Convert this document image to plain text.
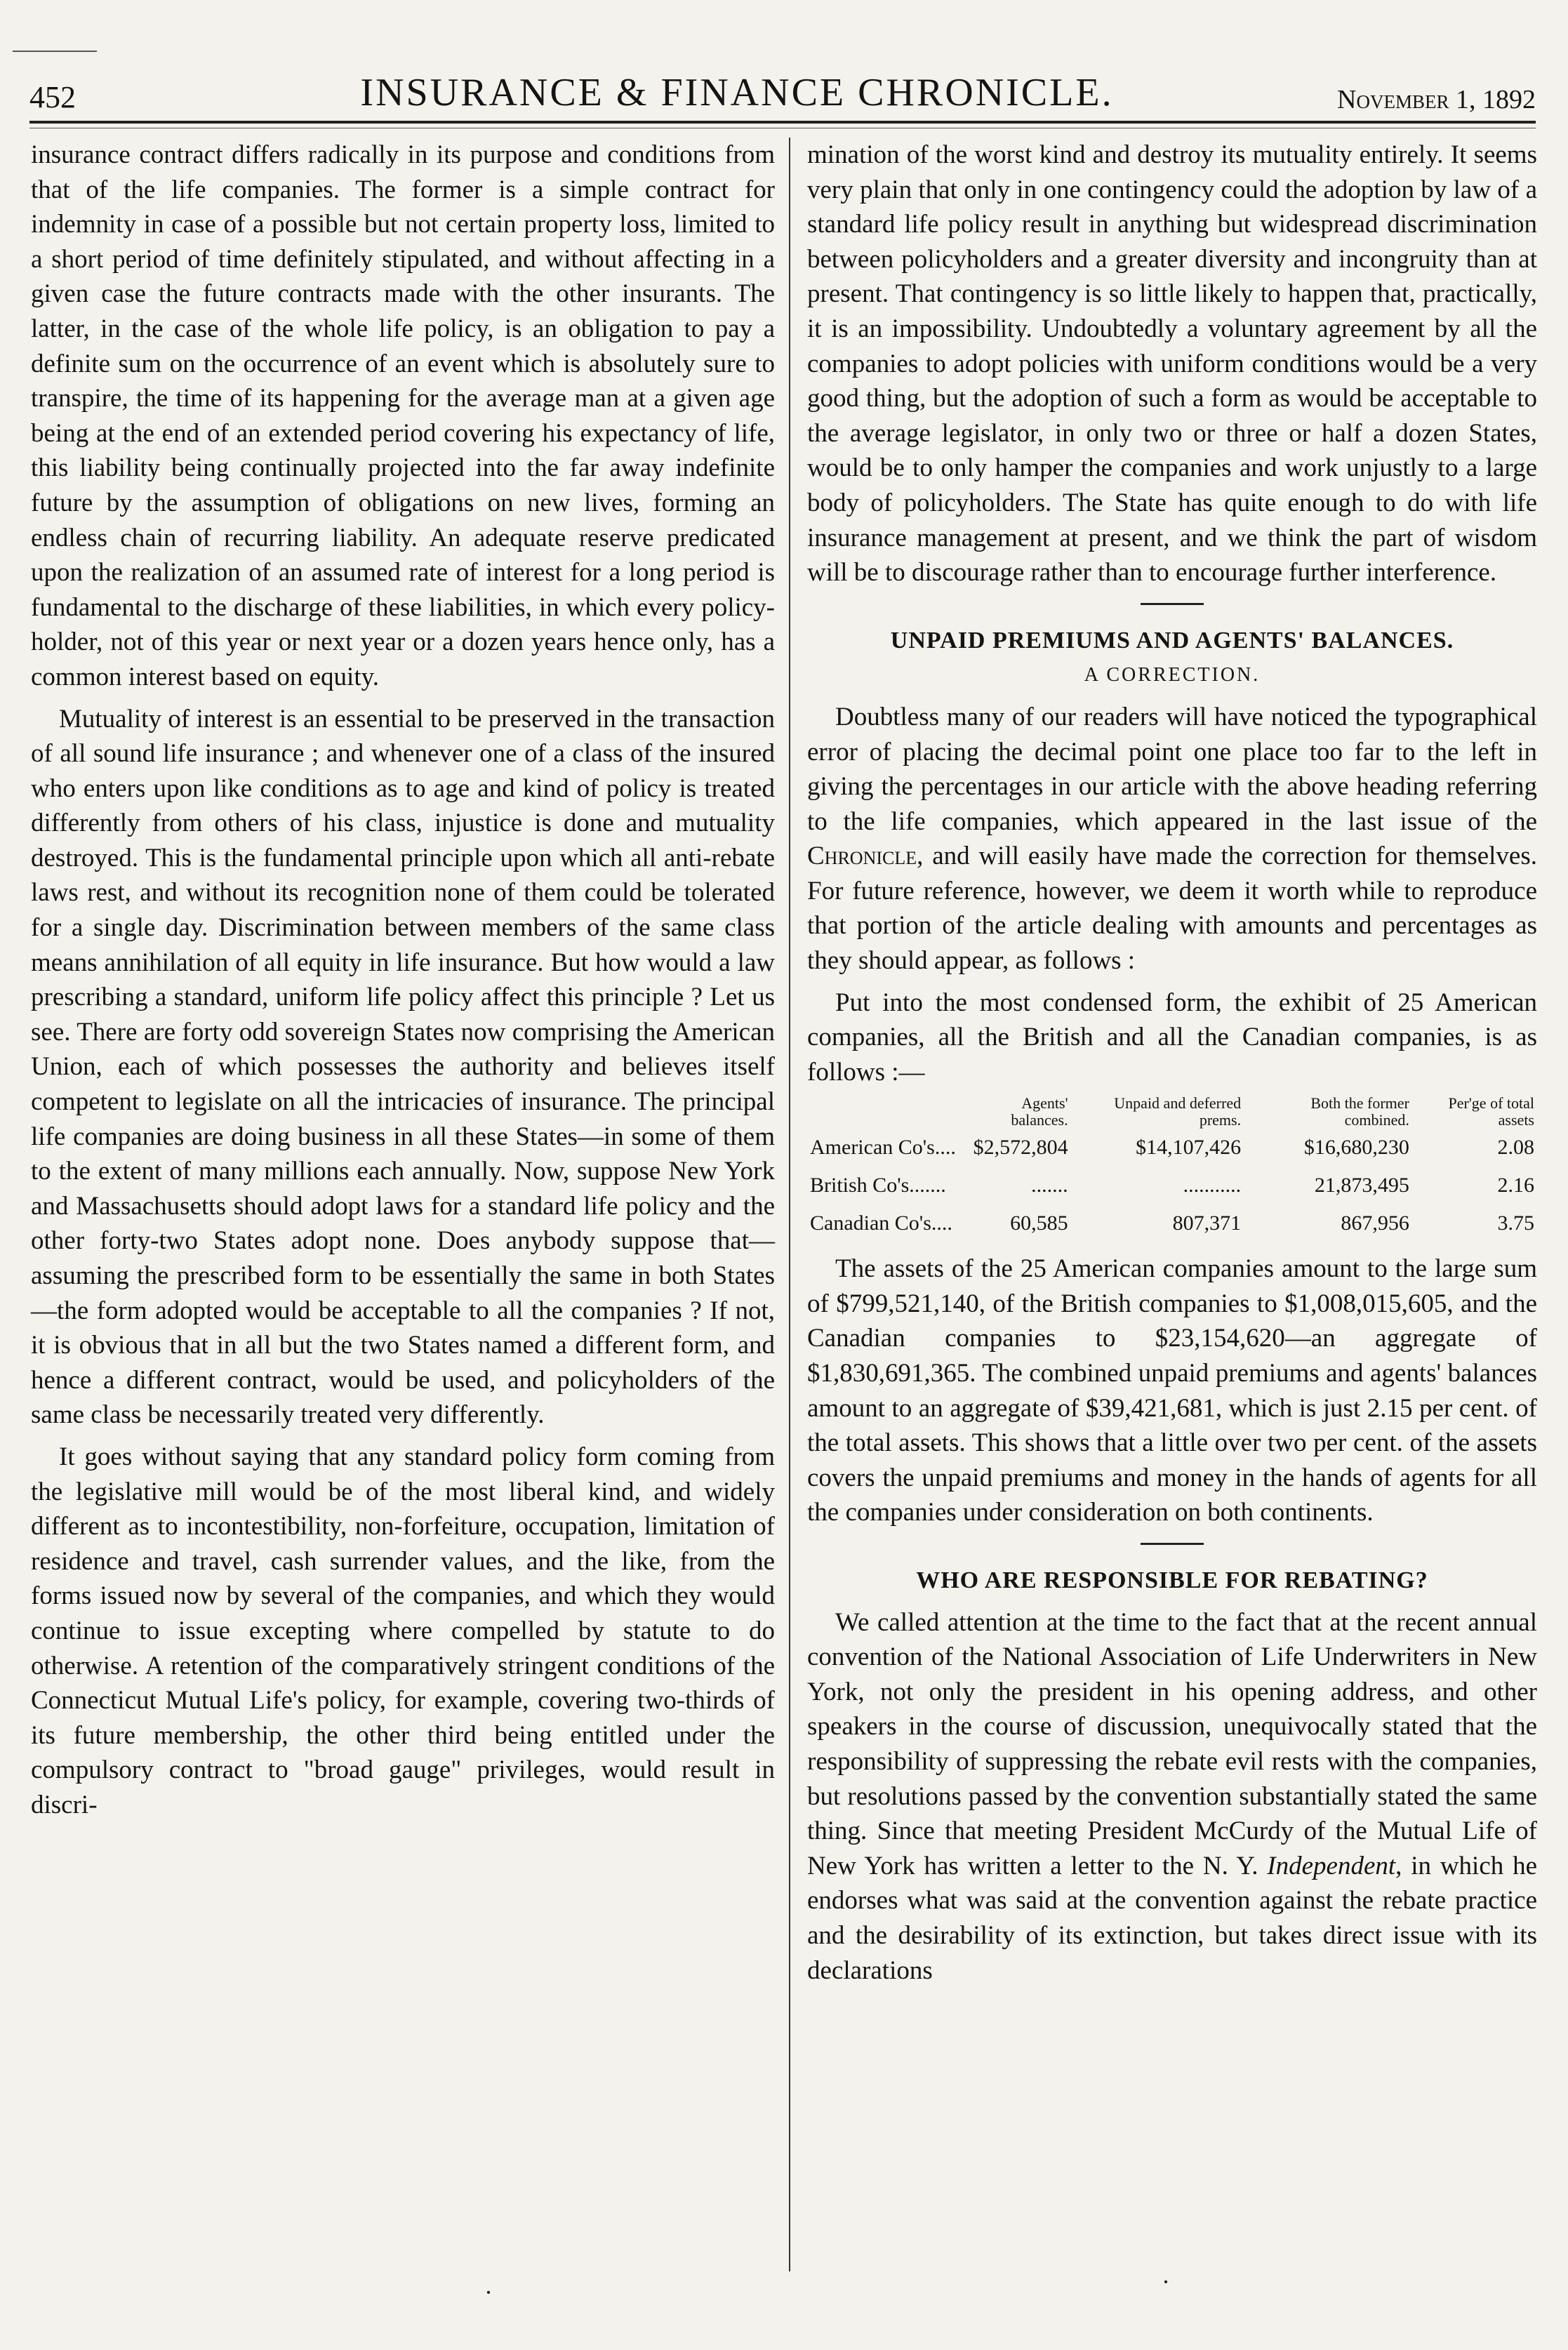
452	INSURANCE & FINANCE CHRONICLE.	November 1, 1892

insurance contract differs radically in its purpose and conditions from that of the life companies. The former is a simple contract for indemnity in case of a possible but not certain property loss, limited to a short period of time definitely stipulated, and without affecting in a given case the future contracts made with the other insurants. The latter, in the case of the whole life policy, is an obligation to pay a definite sum on the occurrence of an event which is absolutely sure to transpire, the time of its happening for the average man at a given age being at the end of an extended period covering his expectancy of life, this liability being continually projected into the far away indefinite future by the assumption of obligations on new lives, forming an endless chain of recurring liability. An adequate reserve predicated upon the realization of an assumed rate of interest for a long period is fundamental to the discharge of these liabilities, in which every policy-holder, not of this year or next year or a dozen years hence only, has a common interest based on equity.

Mutuality of interest is an essential to be preserved in the transaction of all sound life insurance ; and whenever one of a class of the insured who enters upon like conditions as to age and kind of policy is treated differently from others of his class, injustice is done and mutuality destroyed. This is the fundamental principle upon which all anti-rebate laws rest, and without its recognition none of them could be tolerated for a single day. Discrimination between members of the same class means annihilation of all equity in life insurance. But how would a law prescribing a standard, uniform life policy affect this principle ? Let us see. There are forty odd sovereign States now comprising the American Union, each of which possesses the authority and believes itself competent to legislate on all the intricacies of insurance. The principal life companies are doing business in all these States—in some of them to the extent of many millions each annually. Now, suppose New York and Massachusetts should adopt laws for a standard life policy and the other forty-two States adopt none. Does anybody suppose that—assuming the prescribed form to be essentially the same in both States—the form adopted would be acceptable to all the companies ? If not, it is obvious that in all but the two States named a different form, and hence a different contract, would be used, and policyholders of the same class be necessarily treated very differently.

It goes without saying that any standard policy form coming from the legislative mill would be of the most liberal kind, and widely different as to incontestibility, non-forfeiture, occupation, limitation of residence and travel, cash surrender values, and the like, from the forms issued now by several of the companies, and which they would continue to issue excepting where compelled by statute to do otherwise. A retention of the comparatively stringent conditions of the Connecticut Mutual Life's policy, for example, covering two-thirds of its future membership, the other third being entitled under the compulsory contract to "broad gauge" privileges, would result in discri-

mination of the worst kind and destroy its mutuality entirely. It seems very plain that only in one contingency could the adoption by law of a standard life policy result in anything but widespread discrimination between policyholders and a greater diversity and incongruity than at present. That contingency is so little likely to happen that, practically, it is an impossibility. Undoubtedly a voluntary agreement by all the companies to adopt policies with uniform conditions would be a very good thing, but the adoption of such a form as would be acceptable to the average legislator, in only two or three or half a dozen States, would be to only hamper the companies and work unjustly to a large body of policyholders. The State has quite enough to do with life insurance management at present, and we think the part of wisdom will be to discourage rather than to encourage further interference.

UNPAID PREMIUMS AND AGENTS' BALANCES.

A CORRECTION.

Doubtless many of our readers will have noticed the typographical error of placing the decimal point one place too far to the left in giving the percentages in our article with the above heading referring to the life companies, which appeared in the last issue of the Chronicle, and will easily have made the correction for themselves. For future reference, however, we deem it worth while to reproduce that portion of the article dealing with amounts and percentages as they should appear, as follows :

Put into the most condensed form, the exhibit of 25 American companies, all the British and all the Canadian companies, is as follows :—

	Agents' balances.	Unpaid and deferred prems.	Both the former combined.	Per'ge of total assets
American Co's....	$2,572,804	$14,107,426	$16,680,230	2.08
British Co's.......	.......	...........	21,873,495	2.16
Canadian Co's....	60,585	807,371	867,956	3.75

The assets of the 25 American companies amount to the large sum of $799,521,140, of the British companies to $1,008,015,605, and the Canadian companies to $23,154,620—an aggregate of $1,830,691,365. The combined unpaid premiums and agents' balances amount to an aggregate of $39,421,681, which is just 2.15 per cent. of the total assets. This shows that a little over two per cent. of the assets covers the unpaid premiums and money in the hands of agents for all the companies under consideration on both continents.

WHO ARE RESPONSIBLE FOR REBATING?

We called attention at the time to the fact that at the recent annual convention of the National Association of Life Underwriters in New York, not only the president in his opening address, and other speakers in the course of discussion, unequivocally stated that the responsibility of suppressing the rebate evil rests with the companies, but resolutions passed by the convention substantially stated the same thing. Since that meeting President McCurdy of the Mutual Life of New York has written a letter to the N. Y. Independent, in which he endorses what was said at the convention against the rebate practice and the desirability of its extinction, but takes direct issue with its declarations

·	·
